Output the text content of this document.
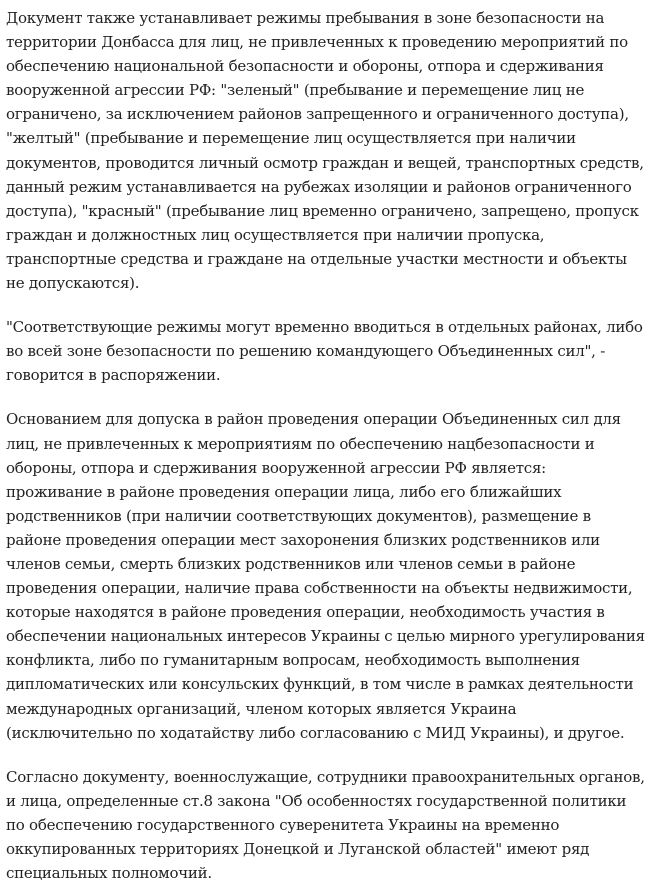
Документ также устанавливает режимы пребывания в зоне безопасности на территории Донбасса для лиц, не привлеченных к проведению мероприятий по обеспечению национальной безопасности и обороны, отпора и сдерживания вооруженной агрессии РФ: "зеленый" (пребывание и перемещение лиц не ограничено, за исключением районов запрещенного и ограниченного доступа), "желтый" (пребывание и перемещение лиц осуществляется при наличии документов, проводится личный осмотр граждан и вещей, транспортных средств, данный режим устанавливается на рубежах изоляции и районов ограниченного доступа), "красный" (пребывание лиц временно ограничено, запрещено, пропуск граждан и должностных лиц осуществляется при наличии пропуска, транспортные средства и граждане на отдельные участки местности и объекты не допускаются).

"Соответствующие режимы могут временно вводиться в отдельных районах, либо во всей зоне безопасности по решению командующего Объединенных сил", - говорится в распоряжении.

Основанием для допуска в район проведения операции Объединенных сил для лиц, не привлеченных к мероприятиям по обеспечению нацбезопасности и обороны, отпора и сдерживания вооруженной агрессии РФ является: проживание в районе проведения операции лица, либо его ближайших родственников (при наличии соответствующих документов), размещение в районе проведения операции мест захоронения близких родственников или членов семьи, смерть близких родственников или членов семьи в районе проведения операции, наличие права собственности на объекты недвижимости, которые находятся в районе проведения операции, необходимость участия в обеспечении национальных интересов Украины с целью мирного урегулирования конфликта, либо по гуманитарным вопросам, необходимость выполнения дипломатических или консульских функций, в том числе в рамках деятельности международных организаций, членом которых является Украина (исключительно по ходатайству либо согласованию с МИД Украины), и другое.

Согласно документу, военнослужащие, сотрудники правоохранительных органов, и лица, определенные ст.8 закона "Об особенностях государственной политики по обеспечению государственного суверенитета Украины на временно оккупированных территориях Донецкой и Луганской областей" имеют ряд специальных полномочий.
